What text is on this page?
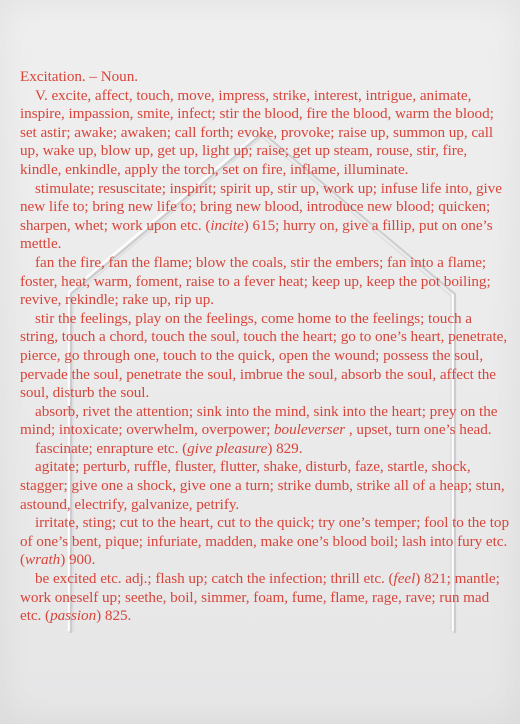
Excitation. – Noun.

V. excite, affect, touch, move, impress, strike, interest, intrigue, animate, inspire, impassion, smite, infect; stir the blood, fire the blood, warm the blood; set astir; awake; awaken; call forth; evoke, provoke; raise up, summon up, call up, wake up, blow up, get up, light up; raise; get up steam, rouse, stir, fire, kindle, enkindle, apply the torch, set on fire, inflame, illuminate.

stimulate; resuscitate; inspirit; spirit up, stir up, work up; infuse life into, give new life to; bring new life to; bring new blood, introduce new blood; quicken; sharpen, whet; work upon etc. (incite) 615; hurry on, give a fillip, put on one’s mettle.

fan the fire, fan the flame; blow the coals, stir the embers; fan into a flame; foster, heat, warm, foment, raise to a fever heat; keep up, keep the pot boiling; revive, rekindle; rake up, rip up.

stir the feelings, play on the feelings, come home to the feelings; touch a string, touch a chord, touch the soul, touch the heart; go to one’s heart, penetrate, pierce, go through one, touch to the quick, open the wound; possess the soul, pervade the soul, penetrate the soul, imbrue the soul, absorb the soul, affect the soul, disturb the soul.

absorb, rivet the attention; sink into the mind, sink into the heart; prey on the mind; intoxicate; overwhelm, overpower; bouleverser , upset, turn one’s head.

fascinate; enrapture etc. (give pleasure) 829.

agitate; perturb, ruffle, fluster, flutter, shake, disturb, faze, startle, shock, stagger; give one a shock, give one a turn; strike dumb, strike all of a heap; stun, astound, electrify, galvanize, petrify.

irritate, sting; cut to the heart, cut to the quick; try one’s temper; fool to the top of one’s bent, pique; infuriate, madden, make one’s blood boil; lash into fury etc. (wrath) 900.

be excited etc. adj.; flash up; catch the infection; thrill etc. (feel) 821; mantle; work oneself up; seethe, boil, simmer, foam, fume, flame, rage, rave; run mad etc. (passion) 825.
